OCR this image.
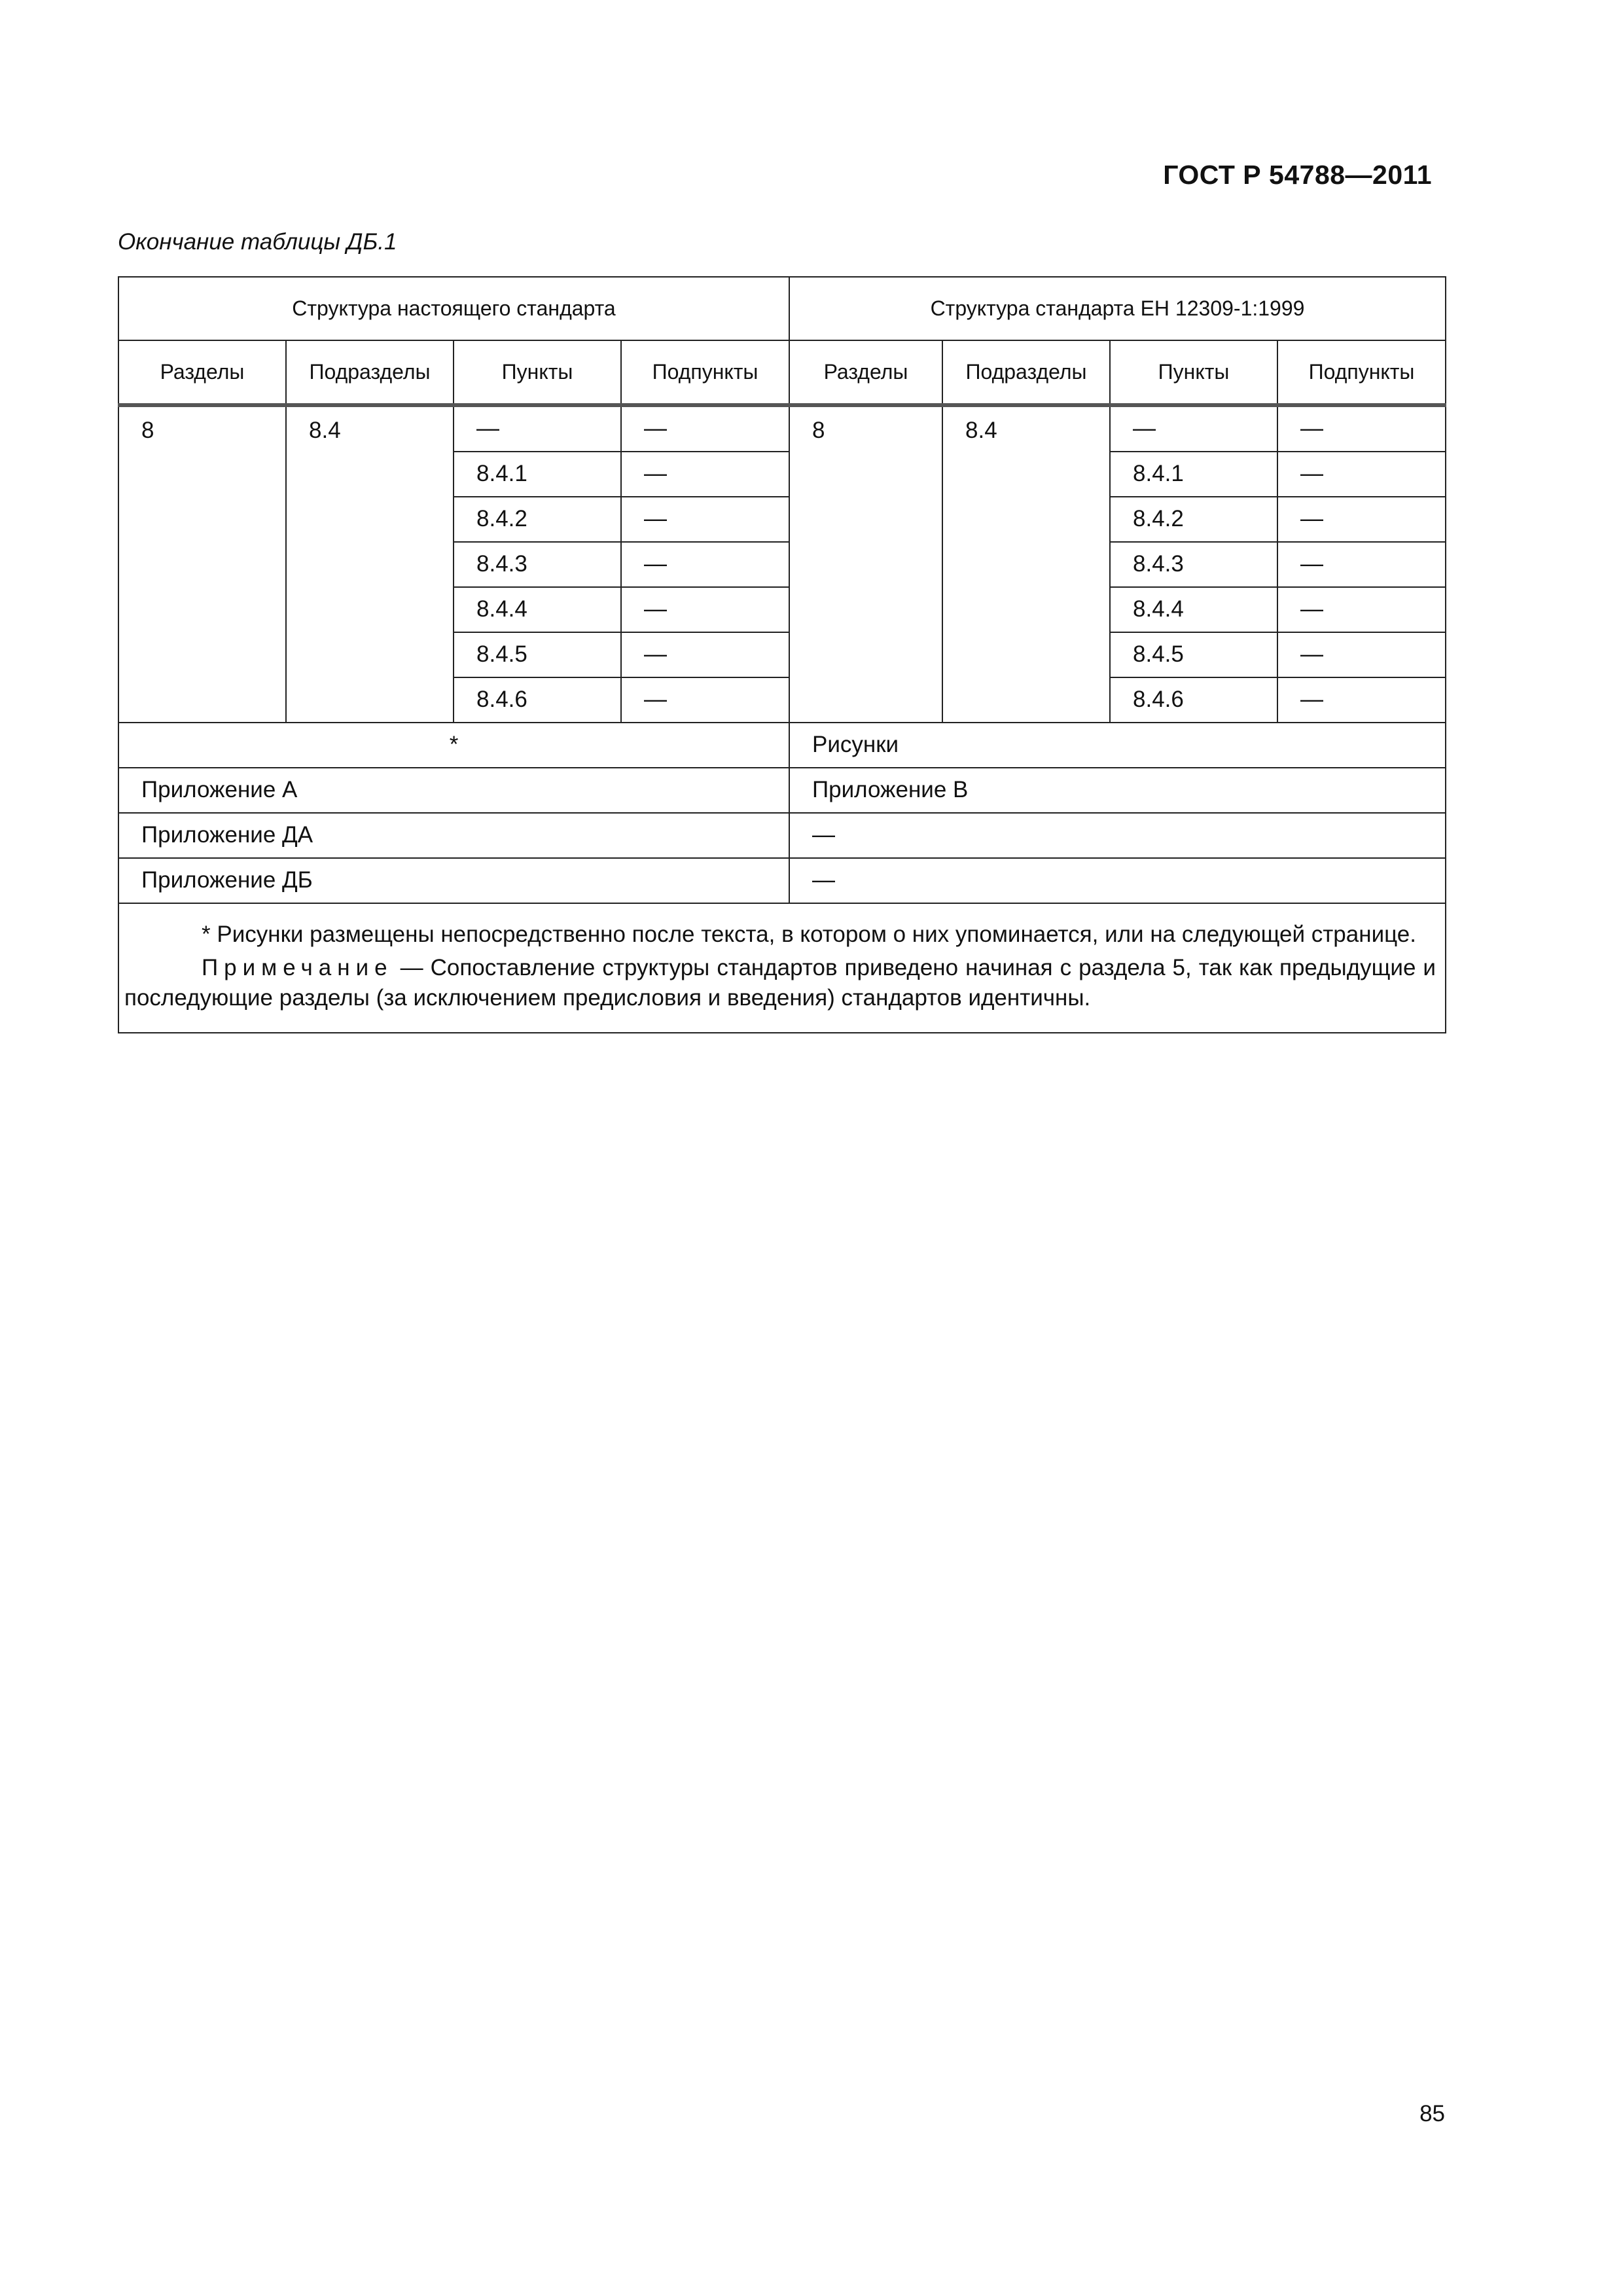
ГОСТ Р 54788—2011
Окончание таблицы ДБ.1
Структура настоящего стандарта				Структура стандарта ЕН 12309-1:1999			
Разделы	Подразделы	Пункты	Подпункты	Разделы	Подразделы	Пункты	Подпункты
8	8.4	—	—	8	8.4	—	—
		8.4.1	—			8.4.1	—
		8.4.2	—			8.4.2	—
		8.4.3	—			8.4.3	—
		8.4.4	—			8.4.4	—
		8.4.5	—			8.4.5	—
		8.4.6	—			8.4.6	—
*				Рисунки			
Приложение А				Приложение В			
Приложение ДА				—			
Приложение ДБ				—			

* Рисунки размещены непосредственно после текста, в котором о них упоминается, или на следующей странице.

Примечание — Сопоставление структуры стандартов приведено начиная с раздела 5, так как предыдущие и последующие разделы (за исключением предисловия и введения) стандартов идентичны.							

85
